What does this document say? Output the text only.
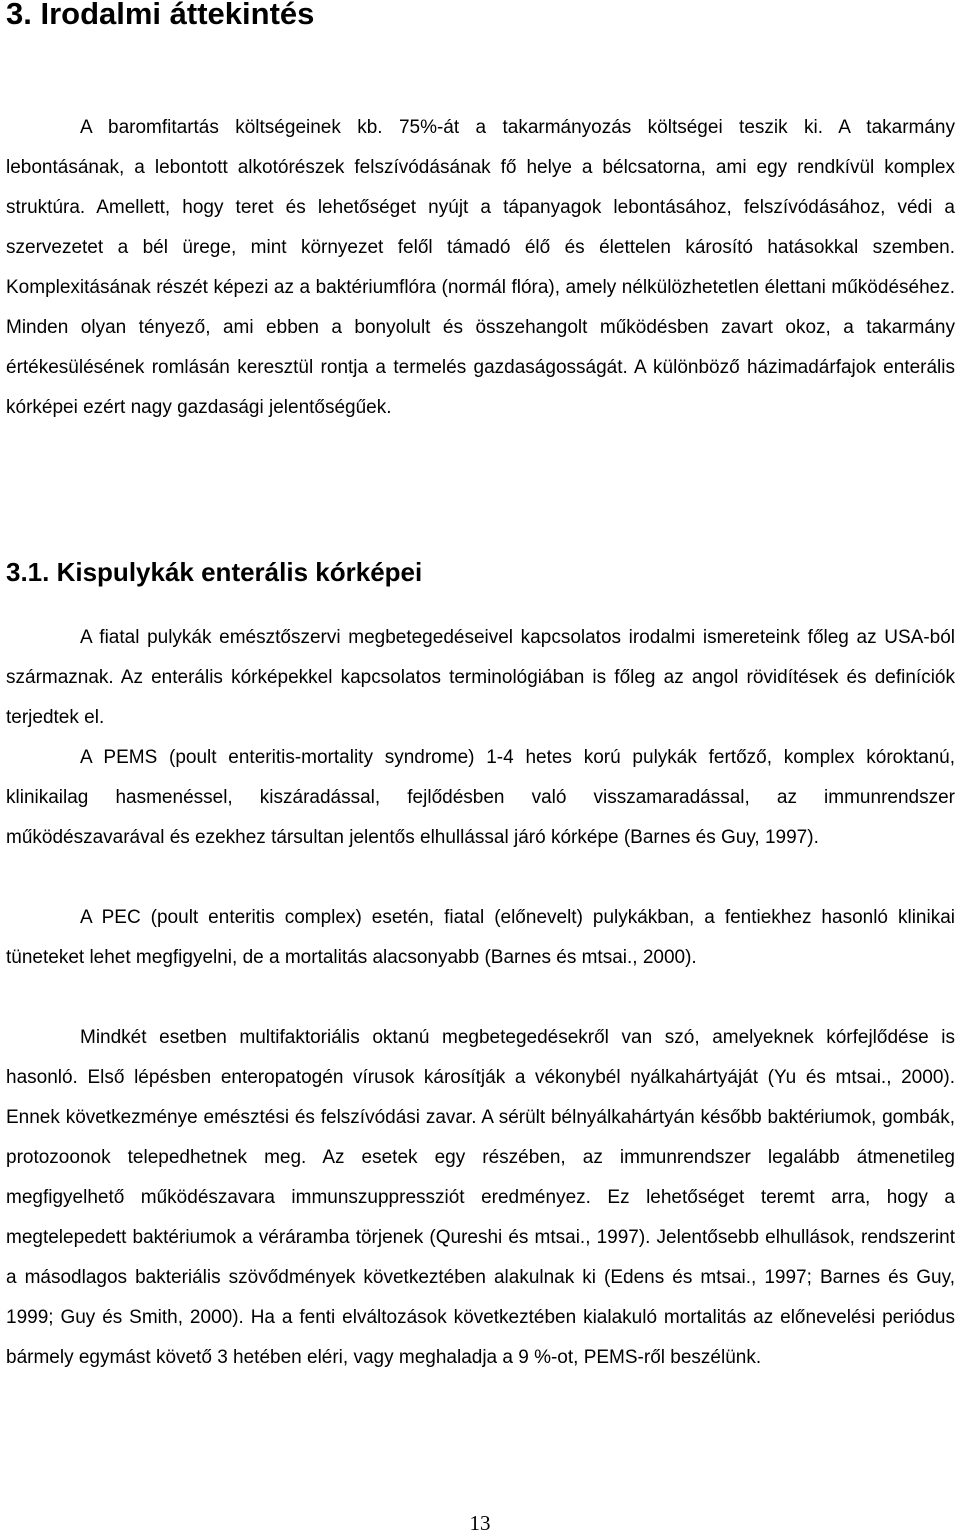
3. Irodalmi áttekintés

A baromfitartás költségeinek kb. 75%-át a takarmányozás költségei teszik ki. A takarmány lebontásának, a lebontott alkotórészek felszívódásának fő helye a bélcsatorna, ami egy rendkívül komplex struktúra. Amellett, hogy teret és lehetőséget nyújt a tápanyagok lebontásához, felszívódásához, védi a szervezetet a bél ürege, mint környezet felől támadó élő és élettelen károsító hatásokkal szemben. Komplexitásának részét képezi az a baktériumflóra (normál flóra), amely nélkülözhetetlen élettani működéséhez. Minden olyan tényező, ami ebben a bonyolult és összehangolt működésben zavart okoz, a takarmány értékesülésének romlásán keresztül rontja a termelés gazdaságosságát. A különböző házimadárfajok enterális kórképei ezért nagy gazdasági jelentőségűek.

3.1. Kispulykák enterális kórképei

A fiatal pulykák emésztőszervi megbetegedéseivel kapcsolatos irodalmi ismereteink főleg az USA-ból származnak. Az enterális kórképekkel kapcsolatos terminológiában is főleg az angol rövidítések és definíciók terjedtek el.

A PEMS (poult enteritis-mortality syndrome) 1-4 hetes korú pulykák fertőző, komplex kóroktanú, klinikailag hasmenéssel, kiszáradással, fejlődésben való visszamaradással, az immunrendszer működészavarával és ezekhez társultan jelentős elhullással járó kórképe (Barnes és Guy, 1997).

A PEC (poult enteritis complex) esetén, fiatal (előnevelt) pulykákban, a fentiekhez hasonló klinikai tüneteket lehet megfigyelni, de a mortalitás alacsonyabb (Barnes és mtsai., 2000).

Mindkét esetben multifaktoriális oktanú megbetegedésekről van szó, amelyeknek kórfejlődése is hasonló. Első lépésben enteropatogén vírusok károsítják a vékonybél nyálkahártyáját (Yu és mtsai., 2000). Ennek következménye emésztési és felszívódási zavar. A sérült bélnyálkahártyán később baktériumok, gombák, protozoonok telepedhetnek meg. Az esetek egy részében, az immunrendszer legalább átmenetileg megfigyelhető működészavara immunszuppressziót eredményez. Ez lehetőséget teremt arra, hogy a megtelepedett baktériumok a véráramba törjenek (Qureshi és mtsai., 1997). Jelentősebb elhullások, rendszerint a másodlagos bakteriális szövődmények következtében alakulnak ki (Edens és mtsai., 1997; Barnes és Guy, 1999; Guy és Smith, 2000). Ha a fenti elváltozások következtében kialakuló mortalitás az előnevelési periódus bármely egymást követő 3 hetében eléri, vagy meghaladja a 9 %-ot, PEMS-ről beszélünk.

13
